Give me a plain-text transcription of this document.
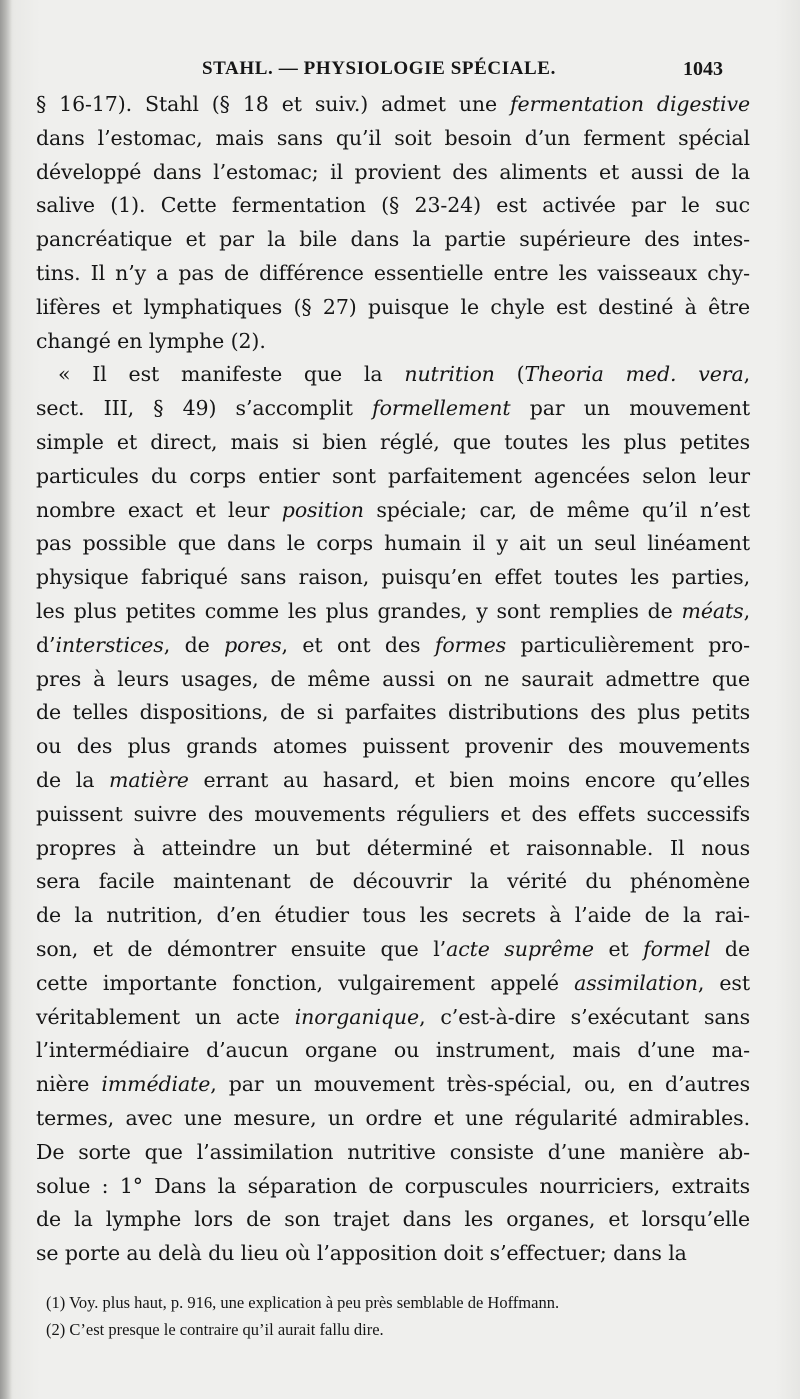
STAHL. — PHYSIOLOGIE SPÉCIALE.	1043
§ 16-17). Stahl (§ 18 et suiv.) admet une fermentation digestive
dans l’estomac, mais sans qu’il soit besoin d’un ferment spécial
développé dans l’estomac; il provient des aliments et aussi de la
salive (1). Cette fermentation (§ 23-24) est activée par le suc
pancréatique et par la bile dans la partie supérieure des intes-
tins. Il n’y a pas de différence essentielle entre les vaisseaux chy-
lifères et lymphatiques (§ 27) puisque le chyle est destiné à être
changé en lymphe (2).
« Il est manifeste que la nutrition (Theoria med. vera,
sect. III, § 49) s’accomplit formellement par un mouvement
simple et direct, mais si bien réglé, que toutes les plus petites
particules du corps entier sont parfaitement agencées selon leur
nombre exact et leur position spéciale; car, de même qu’il n’est
pas possible que dans le corps humain il y ait un seul linéament
physique fabriqué sans raison, puisqu’en effet toutes les parties,
les plus petites comme les plus grandes, y sont remplies de méats,
d’interstices, de pores, et ont des formes particulièrement pro-
pres à leurs usages, de même aussi on ne saurait admettre que
de telles dispositions, de si parfaites distributions des plus petits
ou des plus grands atomes puissent provenir des mouvements
de la matière errant au hasard, et bien moins encore qu’elles
puissent suivre des mouvements réguliers et des effets successifs
propres à atteindre un but déterminé et raisonnable. Il nous
sera facile maintenant de découvrir la vérité du phénomène
de la nutrition, d’en étudier tous les secrets à l’aide de la rai-
son, et de démontrer ensuite que l’acte suprême et formel de
cette importante fonction, vulgairement appelé assimilation, est
véritablement un acte inorganique, c’est-à-dire s’exécutant sans
l’intermédiaire d’aucun organe ou instrument, mais d’une ma-
nière immédiate, par un mouvement très-spécial, ou, en d’autres
termes, avec une mesure, un ordre et une régularité admirables.
De sorte que l’assimilation nutritive consiste d’une manière ab-
solue : 1° Dans la séparation de corpuscules nourriciers, extraits
de la lymphe lors de son trajet dans les organes, et lorsqu’elle
se porte au delà du lieu où l’apposition doit s’effectuer; dans la
(1) Voy. plus haut, p. 916, une explication à peu près semblable de Hoffmann.
(2) C’est presque le contraire qu’il aurait fallu dire.
